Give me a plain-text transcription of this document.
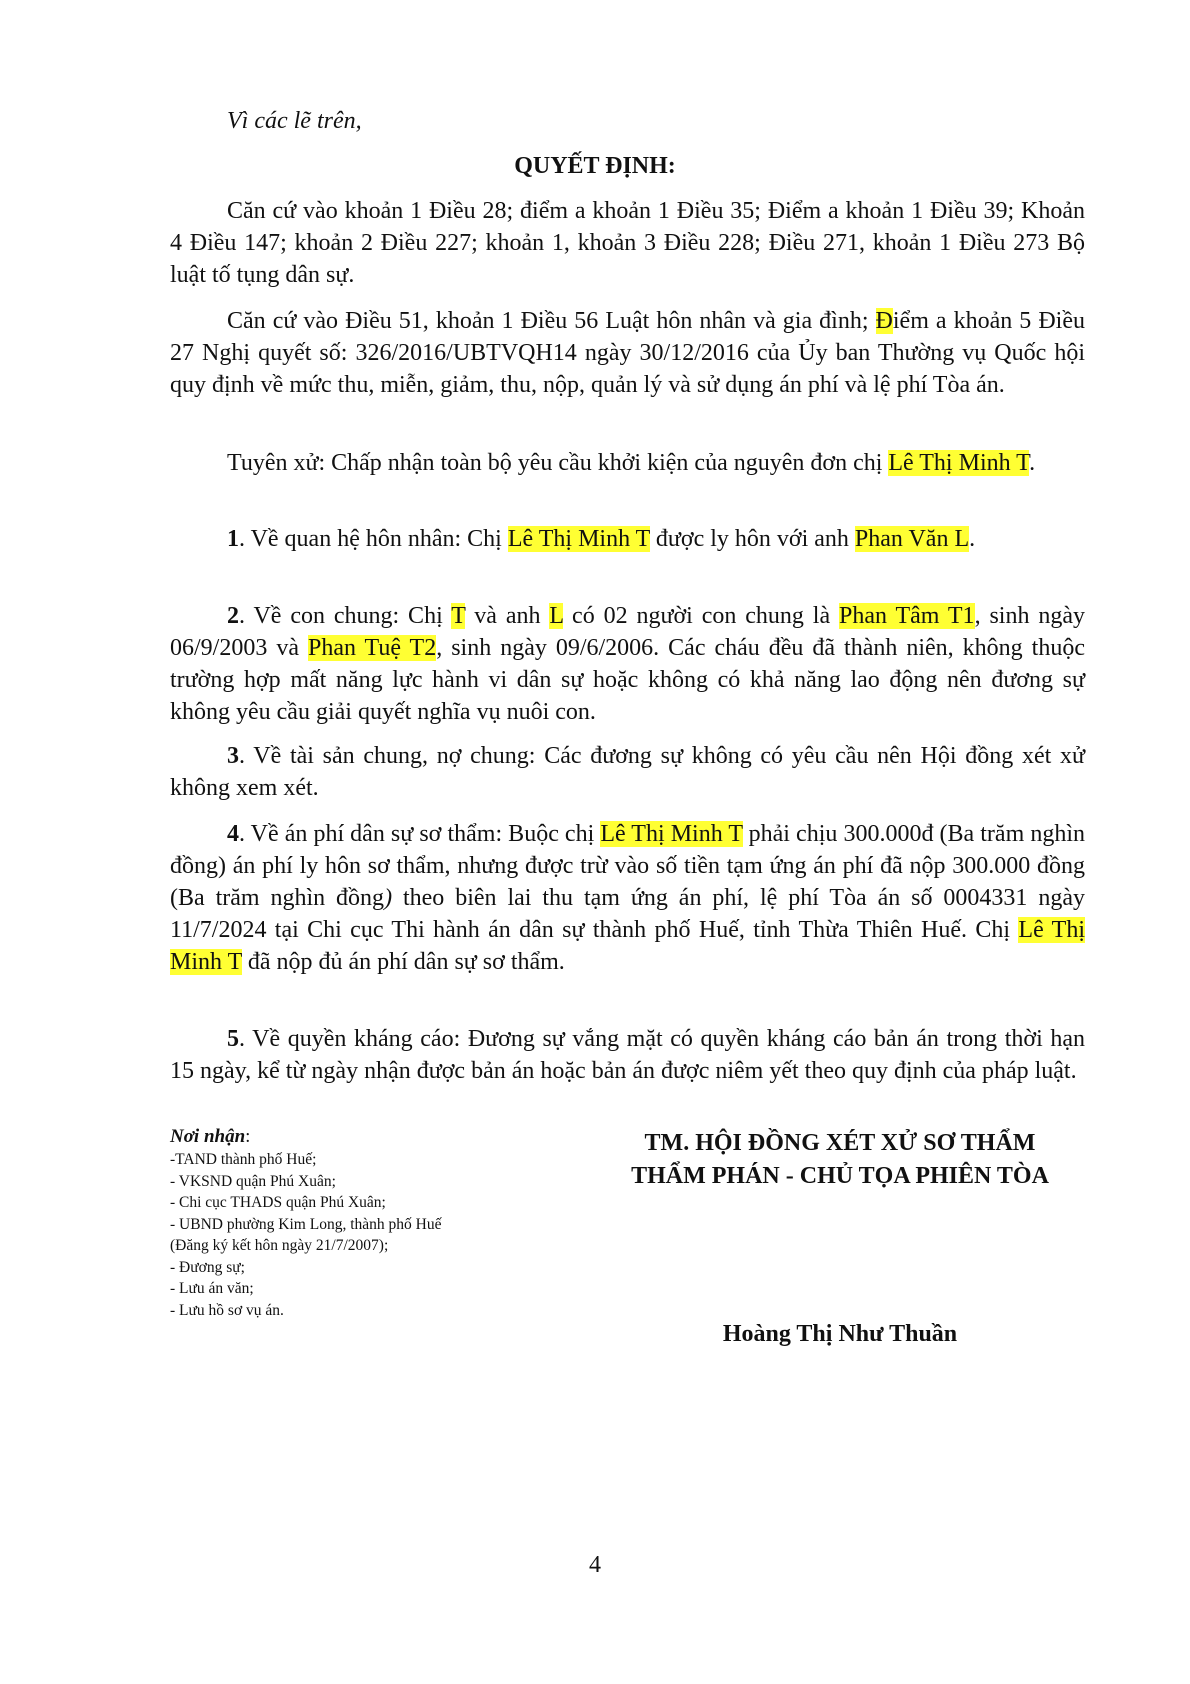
Vì các lẽ trên,
QUYẾT ĐỊNH:
Căn cứ vào khoản 1 Điều 28; điểm a khoản 1 Điều 35; Điểm a khoản 1 Điều 39; Khoản 4 Điều 147; khoản 2 Điều 227; khoản 1, khoản 3 Điều 228; Điều 271, khoản 1 Điều 273 Bộ luật tố tụng dân sự.
Căn cứ vào Điều 51, khoản 1 Điều 56 Luật hôn nhân và gia đình; Điểm a khoản 5 Điều 27 Nghị quyết số: 326/2016/UBTVQH14 ngày 30/12/2016 của Ủy ban Thường vụ Quốc hội quy định về mức thu, miễn, giảm, thu, nộp, quản lý và sử dụng án phí và lệ phí Tòa án.
Tuyên xử: Chấp nhận toàn bộ yêu cầu khởi kiện của nguyên đơn chị Lê Thị Minh T.
1. Về quan hệ hôn nhân: Chị Lê Thị Minh T được ly hôn với anh Phan Văn L.
2. Về con chung: Chị T và anh L có 02 người con chung là Phan Tâm T1, sinh ngày 06/9/2003 và Phan Tuệ T2, sinh ngày 09/6/2006. Các cháu đều đã thành niên, không thuộc trường hợp mất năng lực hành vi dân sự hoặc không có khả năng lao động nên đương sự không yêu cầu giải quyết nghĩa vụ nuôi con.
3. Về tài sản chung, nợ chung: Các đương sự không có yêu cầu nên Hội đồng xét xử không xem xét.
4. Về án phí dân sự sơ thẩm: Buộc chị Lê Thị Minh T phải chịu 300.000đ (Ba trăm nghìn đồng) án phí ly hôn sơ thẩm, nhưng được trừ vào số tiền tạm ứng án phí đã nộp 300.000 đồng (Ba trăm nghìn đồng) theo biên lai thu tạm ứng án phí, lệ phí Tòa án số 0004331 ngày 11/7/2024 tại Chi cục Thi hành án dân sự thành phố Huế, tỉnh Thừa Thiên Huế. Chị Lê Thị Minh T đã nộp đủ án phí dân sự sơ thẩm.
5. Về quyền kháng cáo: Đương sự vắng mặt có quyền kháng cáo bản án trong thời hạn 15 ngày, kể từ ngày nhận được bản án hoặc bản án được niêm yết theo quy định của pháp luật.
Nơi nhận:
-TAND thành phố Huế;
- VKSND quận Phú Xuân;
- Chi cục THADS quận Phú Xuân;
- UBND phường Kim Long, thành phố Huế
(Đăng ký kết hôn ngày 21/7/2007);
- Đương sự;
- Lưu án văn;
- Lưu hồ sơ vụ án.
TM. HỘI ĐỒNG XÉT XỬ SƠ THẨM
THẨM PHÁN - CHỦ TỌA PHIÊN TÒA
Hoàng Thị Như Thuần
4
